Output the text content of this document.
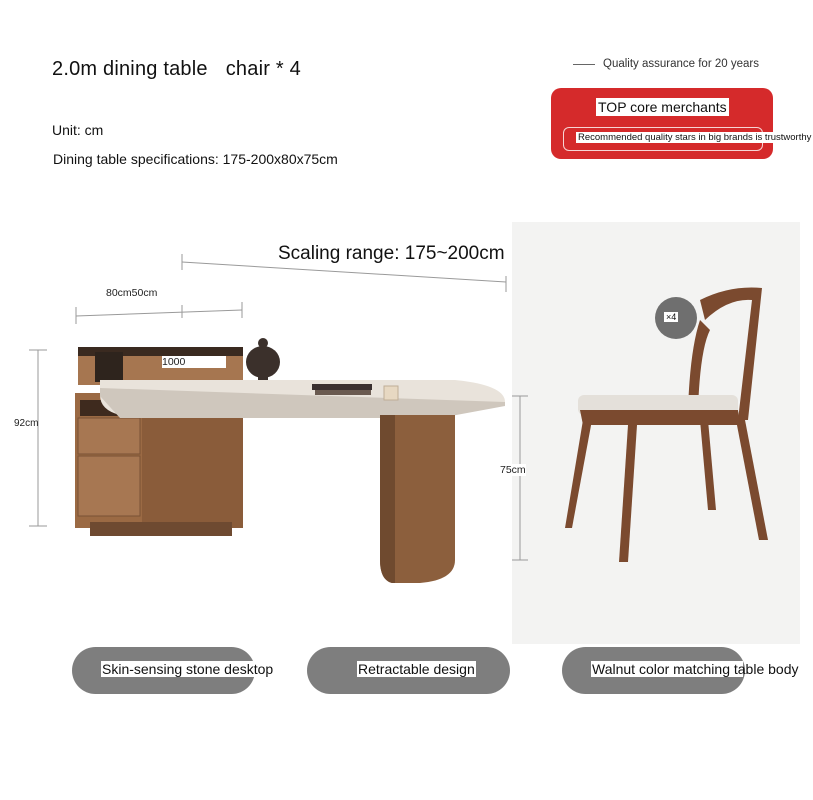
2.0m dining table chair * 4
Unit: cm
Dining table specifications: 175-200x80x75cm
Quality assurance for 20 years
TOP core merchants
Recommended quality stars in big brands is trustworthy
Scaling range: 175~200cm
80cm50cm
92cm
75cm
1000
×4
Skin-sensing stone desktop	Retractable design	Walnut color matching table body
